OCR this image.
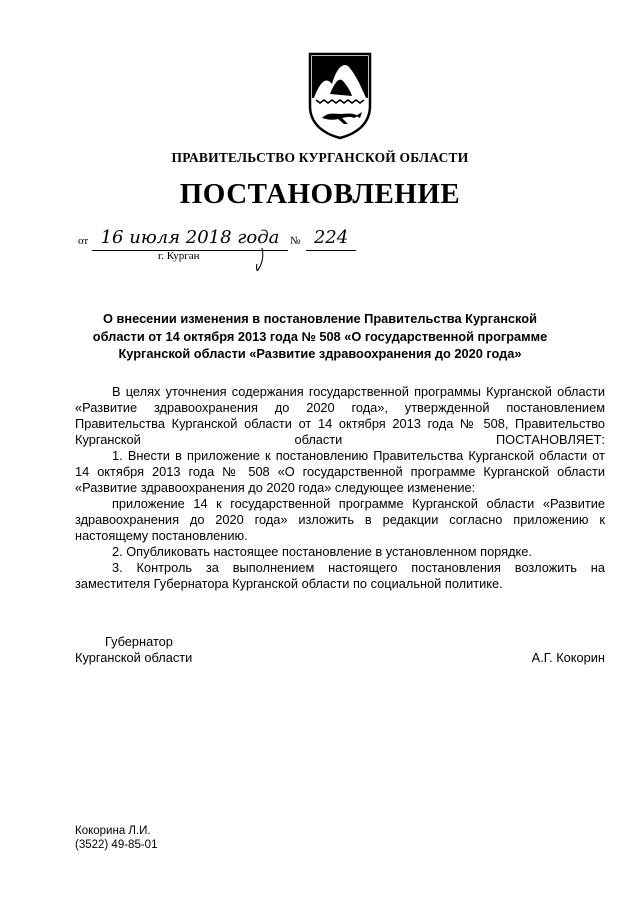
ПРАВИТЕЛЬСТВО КУРГАНСКОЙ ОБЛАСТИ
ПОСТАНОВЛЕНИЕ
от 16 июля 2018 года № 224
г. Курган
О внесении изменения в постановление Правительства Курганской области от 14 октября 2013 года № 508 «О государственной программе Курганской области «Развитие здравоохранения до 2020 года»

В целях уточнения содержания государственной программы Курганской области «Развитие здравоохранения до 2020 года», утвержденной постановлением Правительства Курганской области от 14 октября 2013 года № 508, Правительство Курганской области ПОСТАНОВЛЯЕТ:

1. Внести в приложение к постановлению Правительства Курганской области от 14 октября 2013 года № 508 «О государственной программе Курганской области «Развитие здравоохранения до 2020 года» следующее изменение:

приложение 14 к государственной программе Курганской области «Развитие здравоохранения до 2020 года» изложить в редакции согласно приложению к настоящему постановлению.

2. Опубликовать настоящее постановление в установленном порядке.

3. Контроль за выполнением настоящего постановления возложить на заместителя Губернатора Курганской области по социальной политике.

Губернатор
Курганской области	А.Г. Кокорин
Кокорина Л.И.
(3522) 49-85-01
